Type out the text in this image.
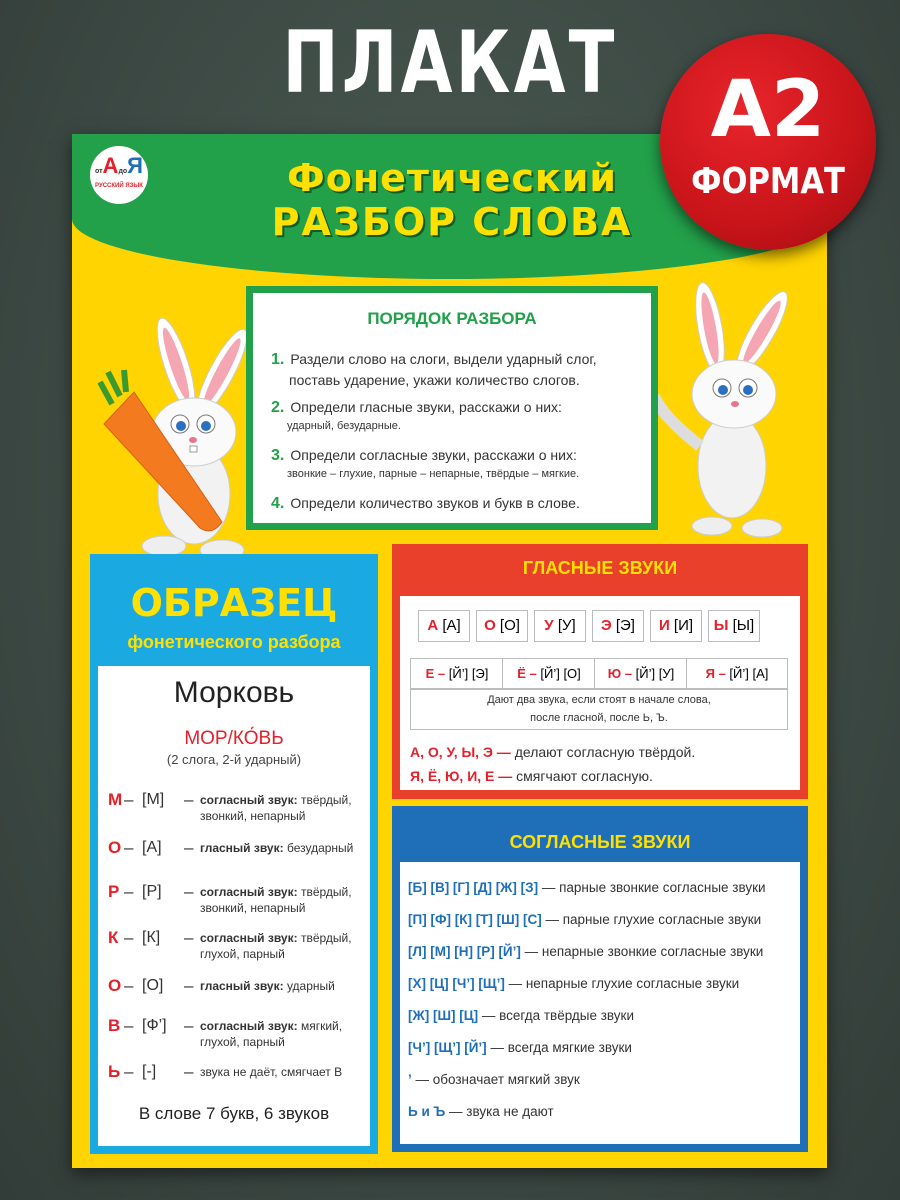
ПЛАКАТ	А2
ФОРМАТ
отАдоЯ
РУССКИЙ ЯЗЫК	Фонетический
РАЗБОР СЛОВА
ПОРЯДОК РАЗБОРА
1. Раздели слово на слоги, выдели ударный слог,
поставь ударение, укажи количество слогов.
2. Определи гласные звуки, расскажи о них:
ударный, безударные.
3. Определи согласные звуки, расскажи о них:
звонкие – глухие, парные – непарные, твёрдые – мягкие.
4. Определи количество звуков и букв в слове.
ОБРАЗЕЦ
фонетического разбора
Морковь
МОР/КО́ВЬ
(2 слога, 2-й ударный)
М – [М] – согласный звук: твёрдый, звонкий, непарный
О – [А] – гласный звук: безударный
Р – [Р] – согласный звук: твёрдый, звонкий, непарный
К – [К] – согласный звук: твёрдый, глухой, парный
О – [О] – гласный звук: ударный
В – [Ф’] – согласный звук: мягкий, глухой, парный
Ь – [-] – звука не даёт, смягчает В
В слове 7 букв, 6 звуков
ГЛАСНЫЕ ЗВУКИ
А [А]	О [О]	У [У]	Э [Э]	И [И]	Ы [Ы]
Е – [Й’] [Э]	Ё – [Й’] [О]	Ю – [Й’] [У]	Я – [Й’] [А]
Дают два звука, если стоят в начале слова,
после гласной, после Ь, Ъ.
А, О, У, Ы, Э — делают согласную твёрдой.
Я, Ё, Ю, И, Е — смягчают согласную.
СОГЛАСНЫЕ ЗВУКИ
[Б] [В] [Г] [Д] [Ж] [З] — парные звонкие согласные звуки
[П] [Ф] [К] [Т] [Ш] [С] — парные глухие согласные звуки
[Л] [М] [Н] [Р] [Й’] — непарные звонкие согласные звуки
[Х] [Ц] [Ч’] [Щ’] — непарные глухие согласные звуки
[Ж] [Ш] [Ц] — всегда твёрдые звуки
[Ч’] [Щ’] [Й’] — всегда мягкие звуки
’ — обозначает мягкий звук
Ь и Ъ — звука не дают
